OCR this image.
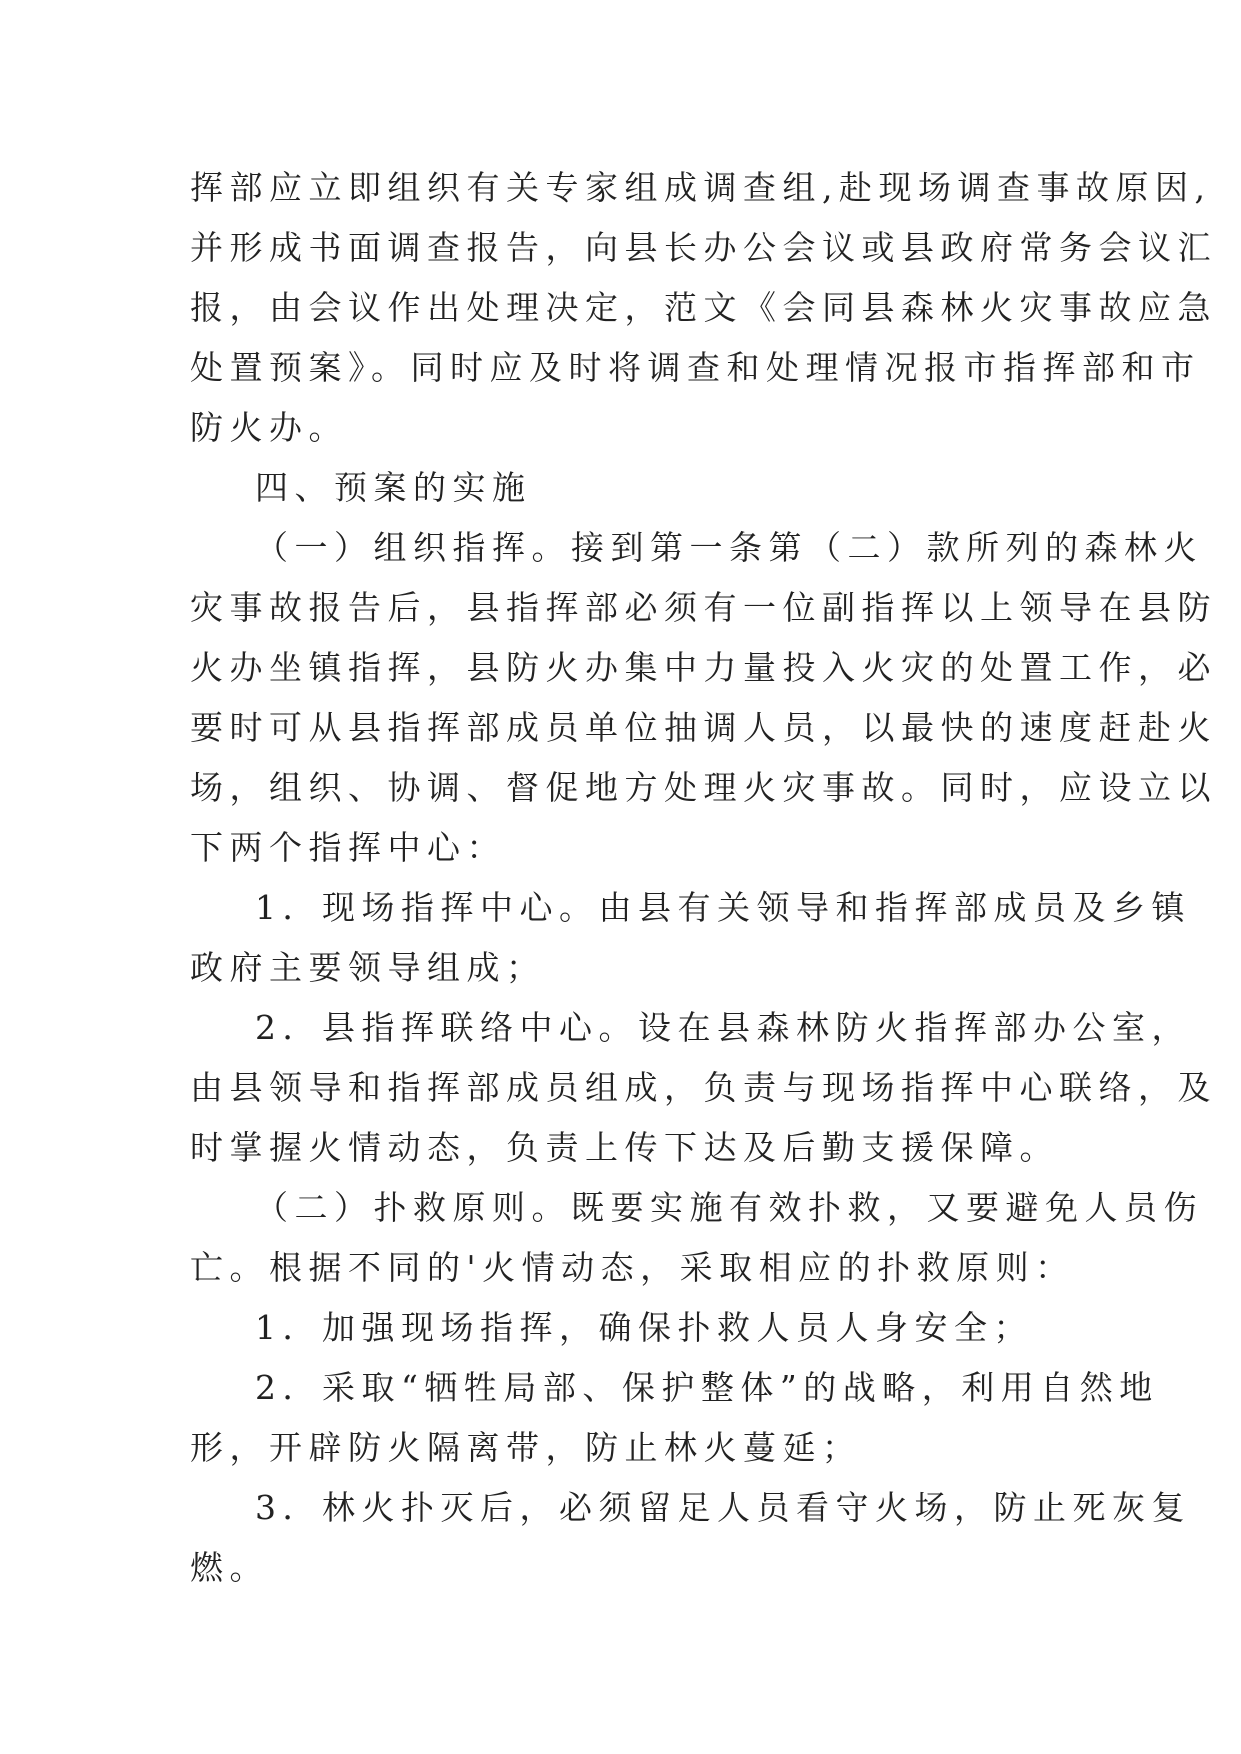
挥部应立即组织有关专家组成调查组,赴现场调查事故原因,
并形成书面调查报告，向县长办公会议或县政府常务会议汇
报，由会议作出处理决定，范文《会同县森林火灾事故应急
处置预案》。同时应及时将调查和处理情况报市指挥部和市
防火办。
四、预案的实施
（一）组织指挥。接到第一条第（二）款所列的森林火
灾事故报告后，县指挥部必须有一位副指挥以上领导在县防
火办坐镇指挥，县防火办集中力量投入火灾的处置工作，必
要时可从县指挥部成员单位抽调人员，以最快的速度赶赴火
场，组织、协调、督促地方处理火灾事故。同时，应设立以
下两个指挥中心：
1．现场指挥中心。由县有关领导和指挥部成员及乡镇
政府主要领导组成；
2．县指挥联络中心。设在县森林防火指挥部办公室，
由县领导和指挥部成员组成，负责与现场指挥中心联络，及
时掌握火情动态，负责上传下达及后勤支援保障。
（二）扑救原则。既要实施有效扑救，又要避免人员伤
亡。根据不同的'火情动态，采取相应的扑救原则：
1．加强现场指挥，确保扑救人员人身安全；
2．采取“牺牲局部、保护整体”的战略，利用自然地
形，开辟防火隔离带，防止林火蔓延；
3．林火扑灭后，必须留足人员看守火场，防止死灰复
燃。
